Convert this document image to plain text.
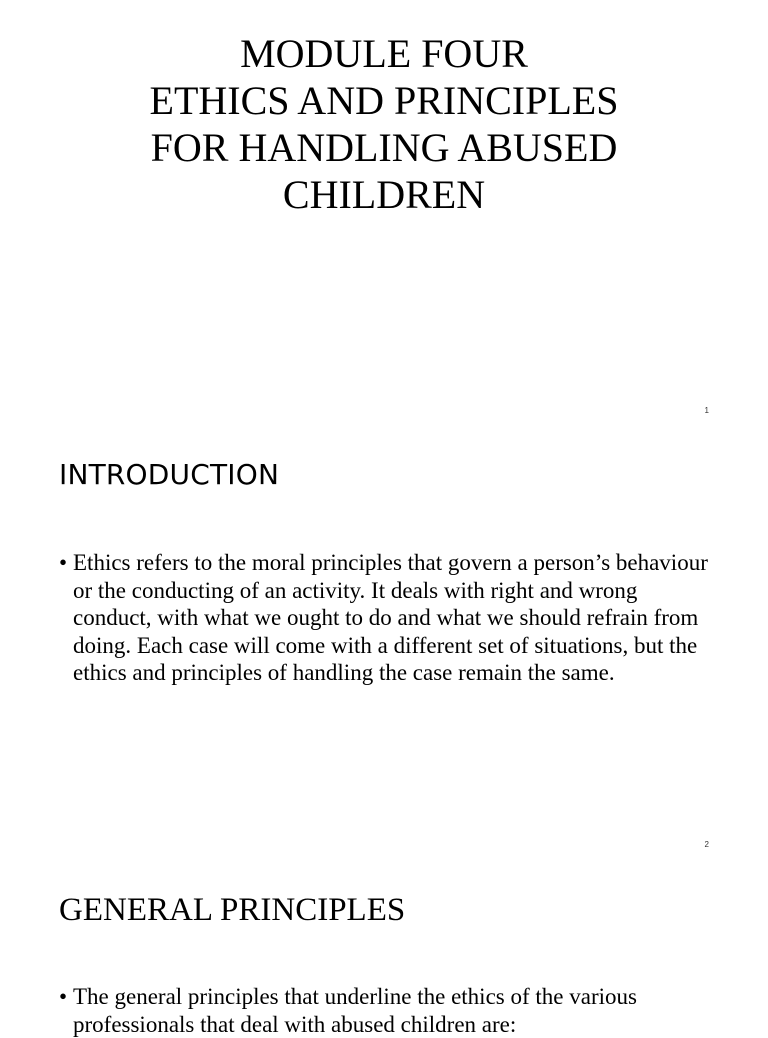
MODULE FOUR
ETHICS AND PRINCIPLES
FOR HANDLING ABUSED
CHILDREN
1
INTRODUCTION
• Ethics refers to the moral principles that govern a person’s behaviour or the conducting of an activity. It deals with right and wrong conduct, with what we ought to do and what we should refrain from doing. Each case will come with a different set of situations, but the ethics and principles of handling the case remain the same.
2
GENERAL PRINCIPLES
• The general principles that underline the ethics of the various professionals that deal with abused children are:
